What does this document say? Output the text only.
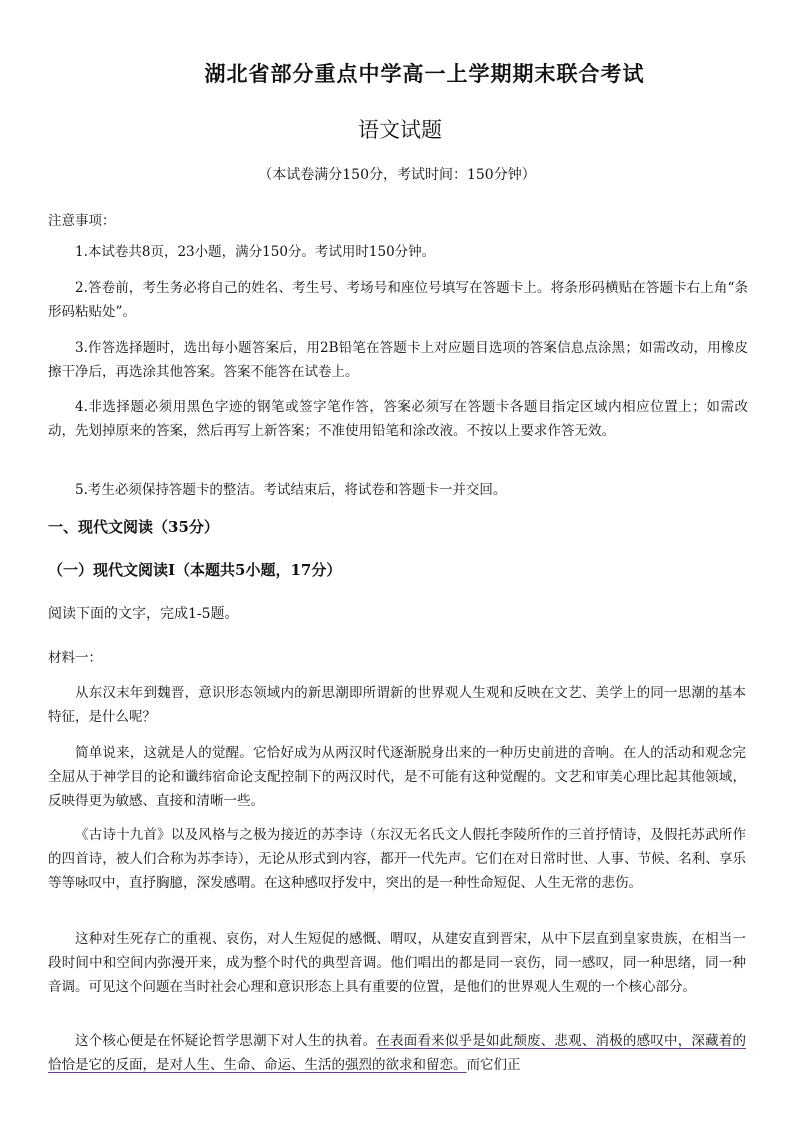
湖北省部分重点中学高一上学期期末联合考试
语文试题
（本试卷满分150分，考试时间：150分钟）
注意事项：
1.本试卷共8页，23小题，满分150分。考试用时150分钟。
2.答卷前，考生务必将自己的姓名、考生号、考场号和座位号填写在答题卡上。将条形码横贴在答题卡右上角“条形码粘贴处”。
3.作答选择题时，选出每小题答案后，用2B铅笔在答题卡上对应题目选项的答案信息点涂黑；如需改动，用橡皮擦干净后，再选涂其他答案。答案不能答在试卷上。
4.非选择题必须用黑色字迹的钢笔或签字笔作答，答案必须写在答题卡各题目指定区域内相应位置上；如需改动，先划掉原来的答案，然后再写上新答案；不准使用铅笔和涂改液。不按以上要求作答无效。
5.考生必须保持答题卡的整洁。考试结束后，将试卷和答题卡一并交回。
一、现代文阅读（35分）
（一）现代文阅读Ⅰ（本题共5小题，17分）
阅读下面的文字，完成1-5题。
材料一：
从东汉末年到魏晋，意识形态领域内的新思潮即所谓新的世界观人生观和反映在文艺、美学上的同一思潮的基本特征，是什么呢？
简单说来，这就是人的觉醒。它恰好成为从两汉时代逐渐脱身出来的一种历史前进的音响。在人的活动和观念完全屈从于神学目的论和谶纬宿命论支配控制下的两汉时代，是不可能有这种觉醒的。文艺和审美心理比起其他领域，反映得更为敏感、直接和清晰一些。
《古诗十九首》以及风格与之极为接近的苏李诗（东汉无名氏文人假托李陵所作的三首抒情诗，及假托苏武所作的四首诗，被人们合称为苏李诗），无论从形式到内容，都开一代先声。它们在对日常时世、人事、节候、名利、享乐等等咏叹中，直抒胸臆，深发感喟。在这种感叹抒发中，突出的是一种性命短促、人生无常的悲伤。
这种对生死存亡的重视、哀伤，对人生短促的感慨、喟叹，从建安直到晋宋，从中下层直到皇家贵族，在相当一段时间中和空间内弥漫开来，成为整个时代的典型音调。他们唱出的都是同一哀伤，同一感叹，同一种思绪，同一种音调。可见这个问题在当时社会心理和意识形态上具有重要的位置，是他们的世界观人生观的一个核心部分。
这个核心便是在怀疑论哲学思潮下对人生的执着。在表面看来似乎是如此颓废、悲观、消极的感叹中，深藏着的恰恰是它的反面，是对人生、生命、命运、生活的强烈的欲求和留恋。而它们正
